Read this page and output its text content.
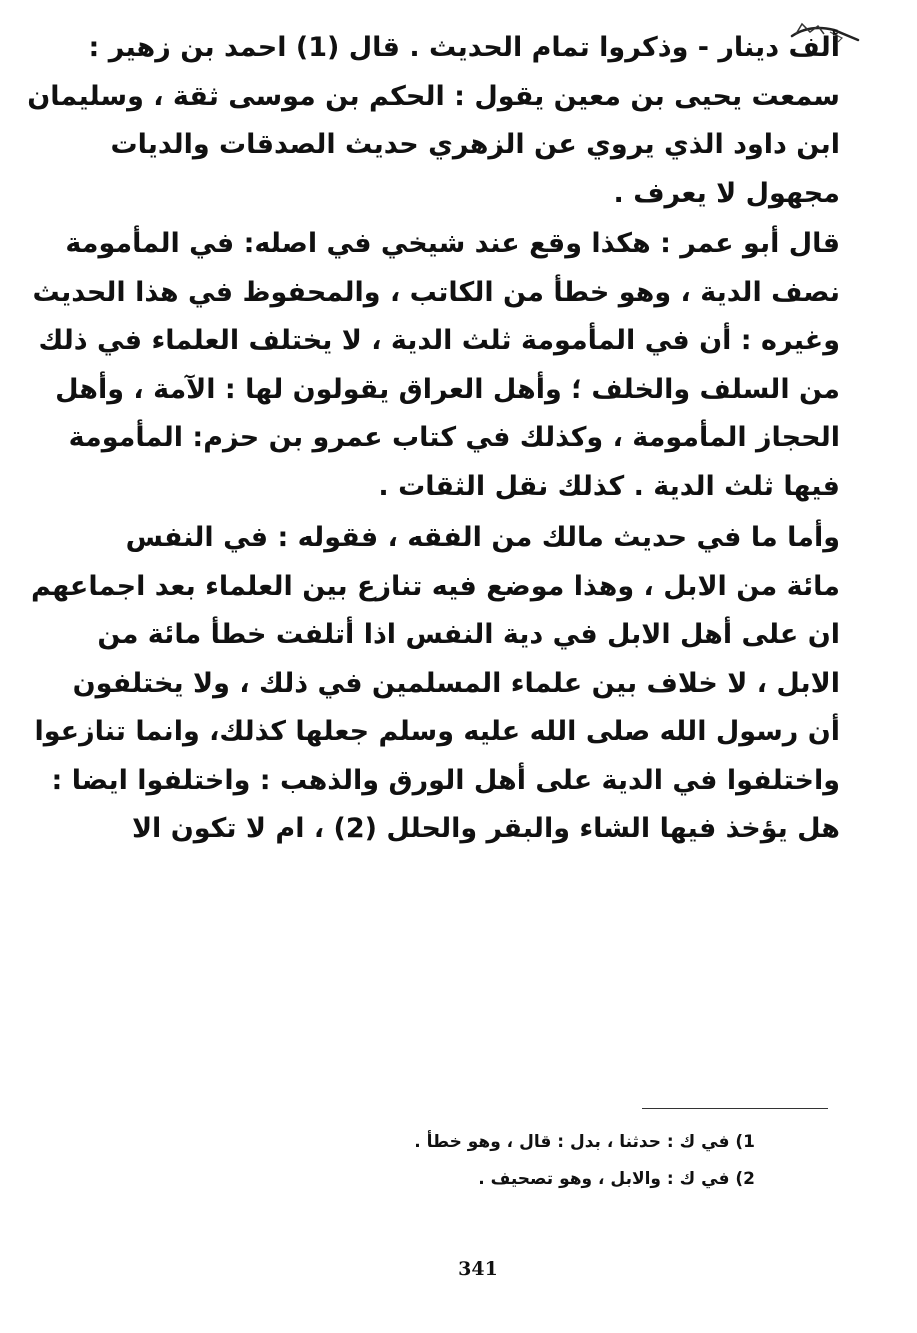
ألف دينار - وذكروا تمام الحديث . قال (1) احمد بن زهير :
سمعت يحيى بن معين يقول : الحكم بن موسى ثقة ، وسليمان
ابن داود الذي يروي عن الزهري حديث الصدقات والديات
مجهول لا يعرف .
قال أبو عمر : هكذا وقع عند شيخي في اصله: في المأمومة
نصف الدية ، وهو خطأ من الكاتب ، والمحفوظ في هذا الحديث
وغيره : أن في المأمومة ثلث الدية ، لا يختلف العلماء في ذلك
من السلف والخلف ؛ وأهل العراق يقولون لها : الآمة ، وأهل
الحجاز المأمومة ، وكذلك في كتاب عمرو بن حزم: المأمومة
فيها ثلث الدية . كذلك نقل الثقات .
وأما ما في حديث مالك من الفقه ، فقوله : في النفس
مائة من الابل ، وهذا موضع فيه تنازع بين العلماء بعد اجماعهم
ان على أهل الابل في دية النفس اذا أتلفت خطأ مائة من
الابل ، لا خلاف بين علماء المسلمين في ذلك ، ولا يختلفون
أن رسول الله صلى الله عليه وسلم جعلها كذلك، وانما تنازعوا
واختلفوا في الدية على أهل الورق والذهب : واختلفوا ايضا :
هل يؤخذ فيها الشاء والبقر والحلل (2) ، ام لا تكون الا
1) في ك : حدثنا ، بدل : قال ، وهو خطأ .
2) في ك : والابل ، وهو تصحيف .
341
